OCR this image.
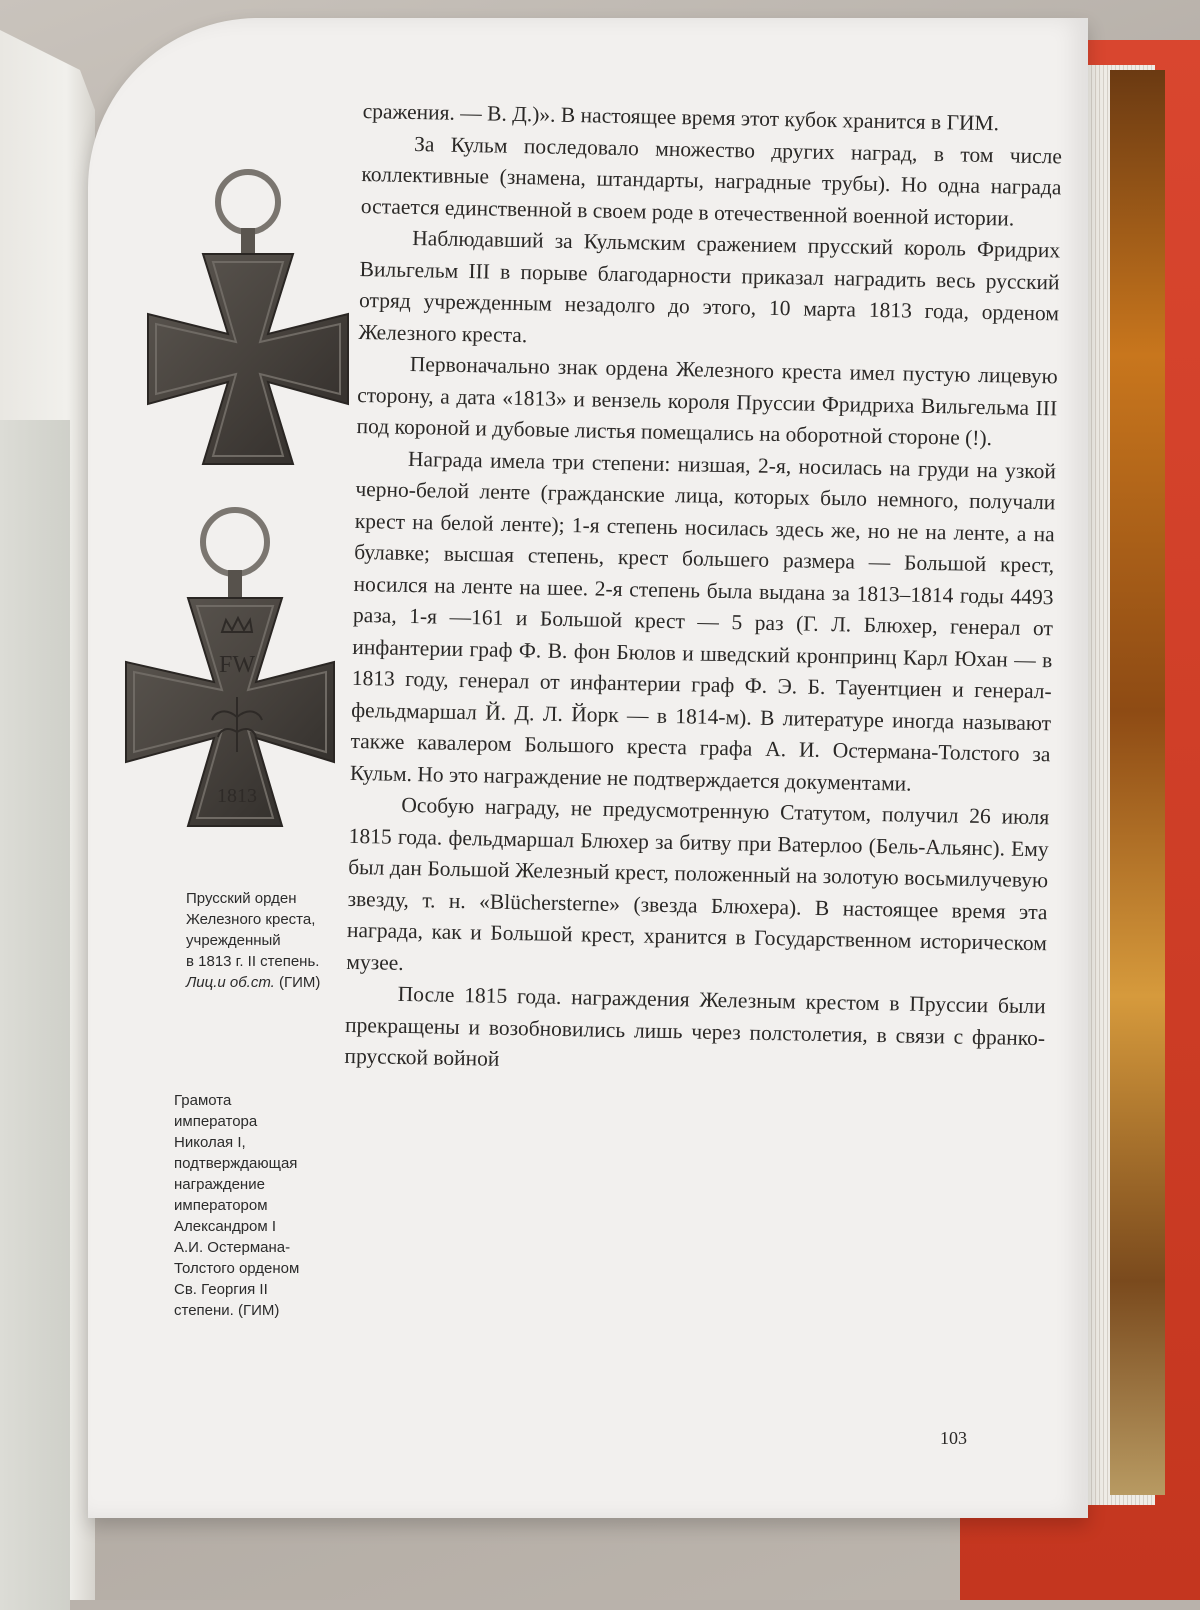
FW
1813
Прусский орден
Железного креста,
учрежденный
в 1813 г. II степень.
Лиц.и об.ст. (ГИМ)
Грамота
императора
Николая I,
подтверждающая
награждение
императором
Александром I
А.И. Остермана-
Толстого орденом
Св. Георгия II
степени. (ГИМ)

сражения. — В. Д.)». В настоящее время этот кубок хранится в ГИМ.

За Кульм последовало множество других наград, в том числе коллективные (знамена, штандарты, наградные трубы). Но одна награда остается единственной в своем роде в отечественной военной истории.

Наблюдавший за Кульмским сражением прусский король Фридрих Вильгельм III в порыве благодарности приказал наградить весь русский отряд учрежденным незадолго до этого, 10 марта 1813 года, орденом Железного креста.

Первоначально знак ордена Железного креста имел пустую лицевую сторону, а дата «1813» и вензель короля Пруссии Фридриха Вильгельма III под короной и дубовые листья помещались на оборотной стороне (!).

Награда имела три степени: низшая, 2-я, носилась на груди на узкой черно-белой ленте (гражданские лица, которых было немного, получали крест на белой ленте); 1-я степень носилась здесь же, но не на ленте, а на булавке; высшая степень, крест большего размера — Большой крест, носился на ленте на шее. 2-я степень была выдана за 1813–1814 годы 4493 раза, 1-я —161 и Большой крест — 5 раз (Г. Л. Блюхер, генерал от инфантерии граф Ф. В. фон Бюлов и шведский кронпринц Карл Юхан — в 1813 году, генерал от инфантерии граф Ф. Э. Б. Тауентциен и генерал-фельдмаршал Й. Д. Л. Йорк — в 1814-м). В литературе иногда называют также кавалером Большого креста графа А. И. Остермана-Толстого за Кульм. Но это награждение не подтверждается документами.

Особую награду, не предусмотренную Статутом, получил 26 июля 1815 года. фельдмаршал Блюхер за битву при Ватерлоо (Бель-Альянс). Ему был дан Большой Железный крест, положенный на золотую восьмилучевую звезду, т. н. «Blüchersterne» (звезда Блюхера). В настоящее время эта награда, как и Большой крест, хранится в Государственном историческом музее.

После 1815 года. награждения Железным крестом в Пруссии были прекращены и возобновились лишь через полстолетия, в связи с франко-прусской войной

103
